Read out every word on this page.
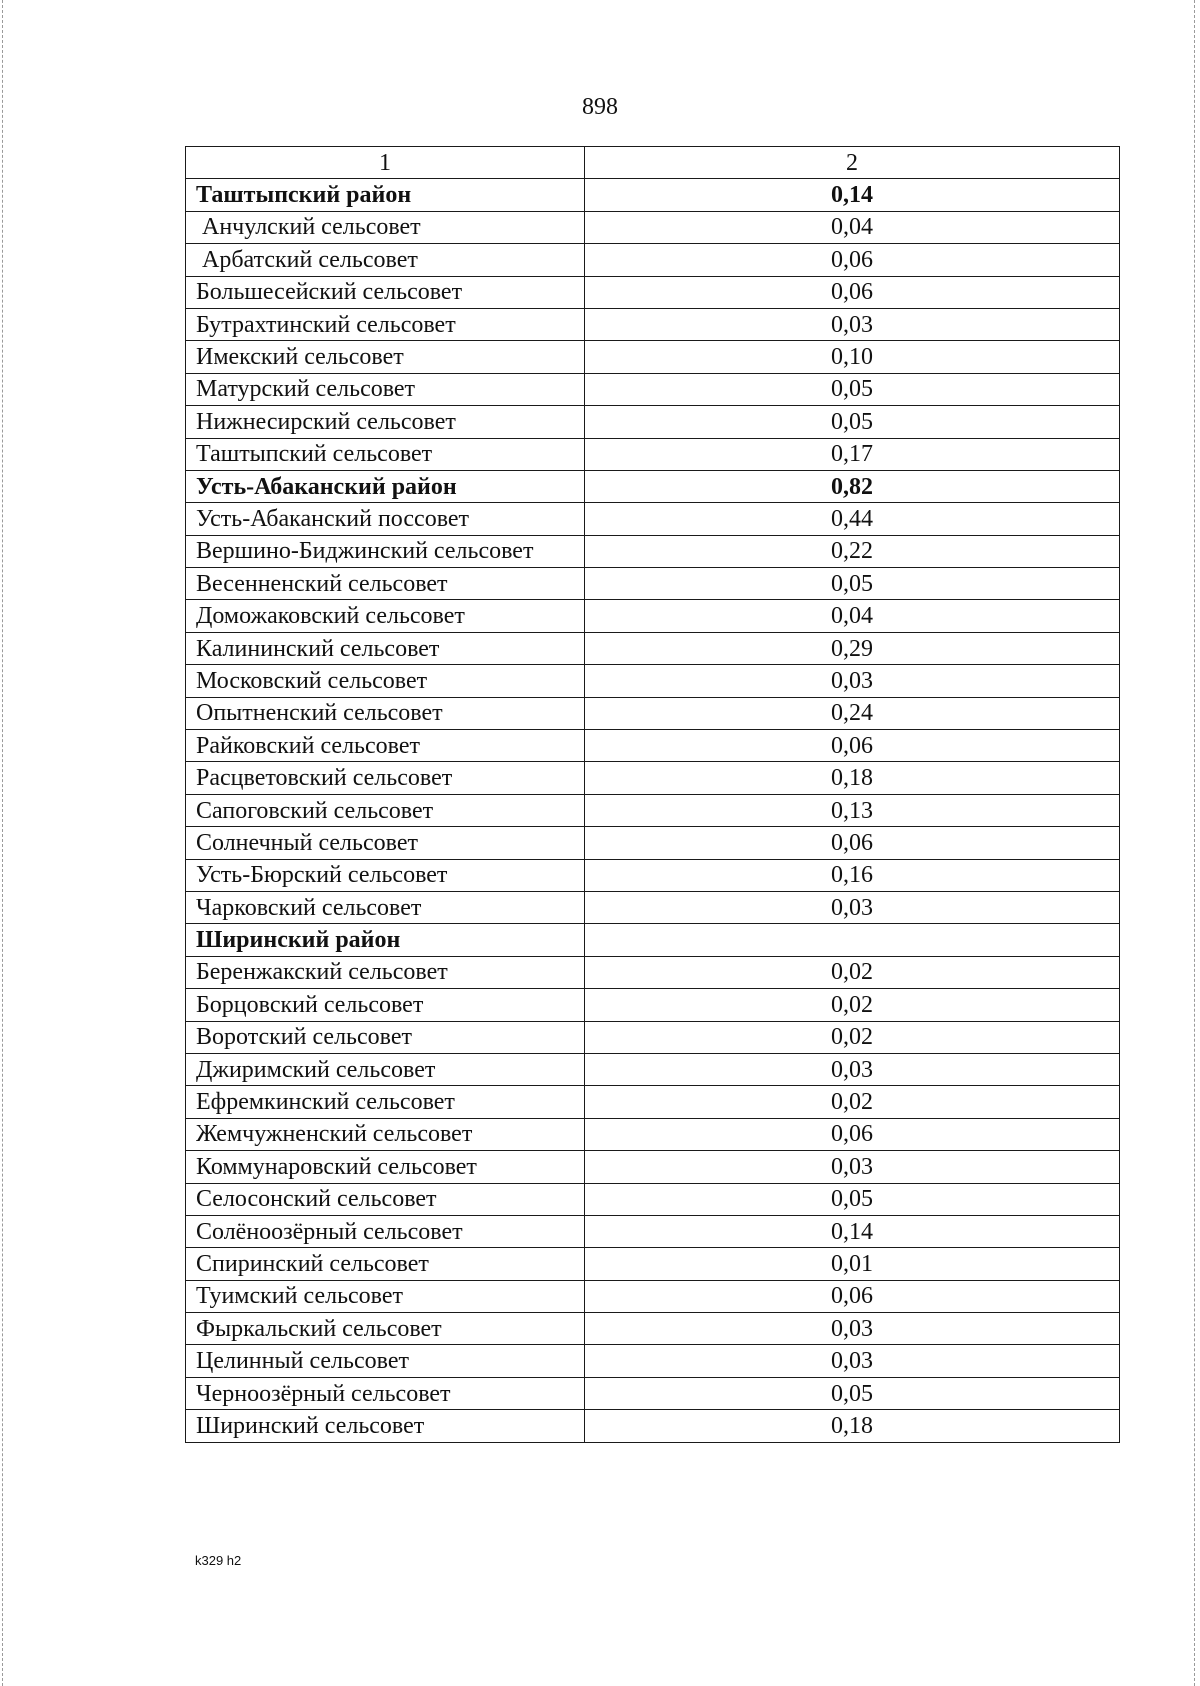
898
1	2
Таштыпский район	0,14
Анчулский сельсовет	0,04
Арбатский сельсовет	0,06
Большесейский сельсовет	0,06
Бутрахтинский сельсовет	0,03
Имекский сельсовет	0,10
Матурский сельсовет	0,05
Нижнесирский сельсовет	0,05
Таштыпский сельсовет	0,17
Усть-Абаканский район	0,82
Усть-Абаканский поссовет	0,44
Вершино-Биджинский сельсовет	0,22
Весенненский сельсовет	0,05
Доможаковский сельсовет	0,04
Калининский сельсовет	0,29
Московский сельсовет	0,03
Опытненский сельсовет	0,24
Райковский сельсовет	0,06
Расцветовский сельсовет	0,18
Сапоговский сельсовет	0,13
Солнечный сельсовет	0,06
Усть-Бюрский сельсовет	0,16
Чарковский сельсовет	0,03
Ширинский район	
Беренжакский сельсовет	0,02
Борцовский сельсовет	0,02
Воротский сельсовет	0,02
Джиримский сельсовет	0,03
Ефремкинский сельсовет	0,02
Жемчужненский сельсовет	0,06
Коммунаровский сельсовет	0,03
Селосонский сельсовет	0,05
Солёноозёрный сельсовет	0,14
Спиринский сельсовет	0,01
Туимский сельсовет	0,06
Фыркальский сельсовет	0,03
Целинный сельсовет	0,03
Черноозёрный сельсовет	0,05
Ширинский сельсовет	0,18
k329 h2
